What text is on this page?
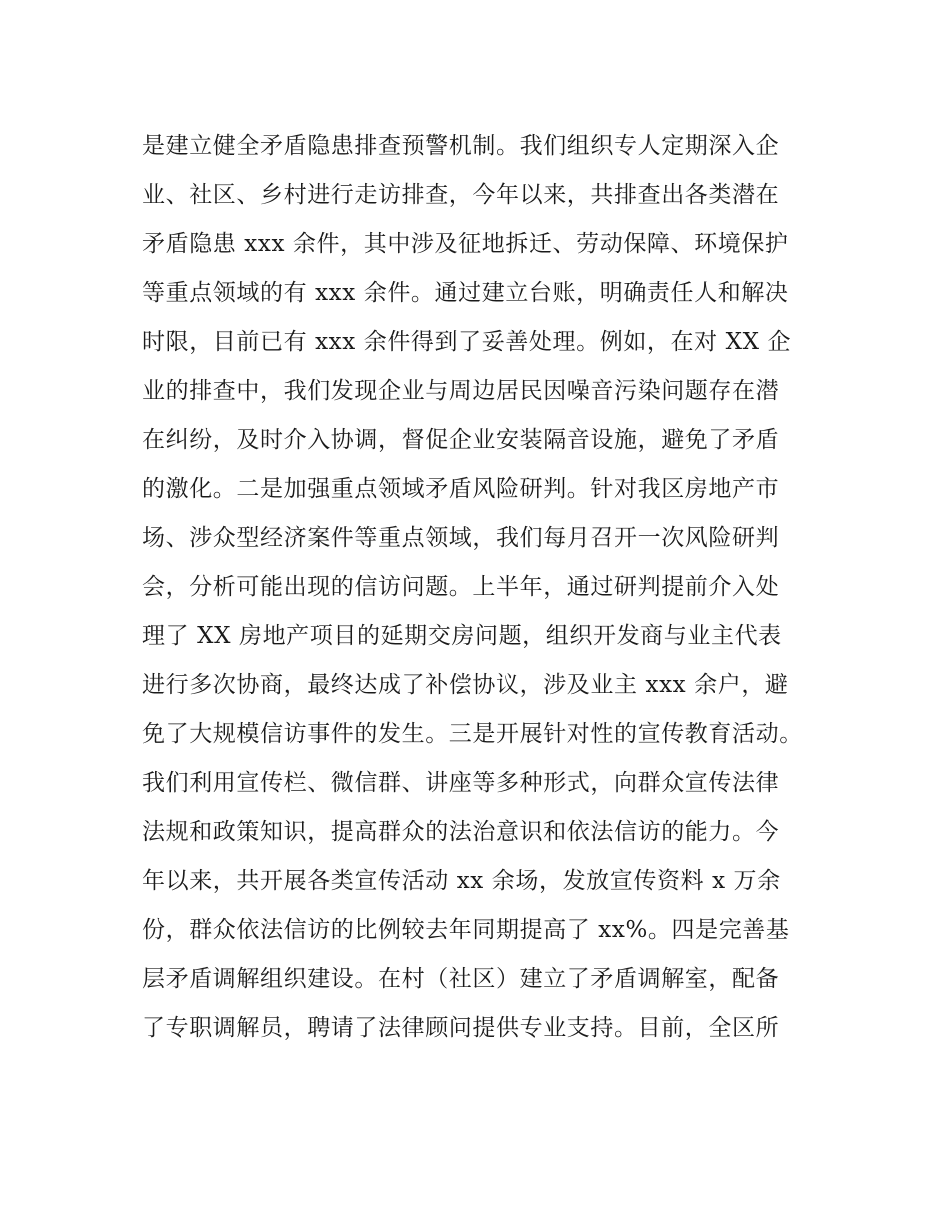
是建立健全矛盾隐患排查预警机制。我们组织专人定期深入企
业、社区、乡村进行走访排查，今年以来，共排查出各类潜在
矛盾隐患 xxx 余件，其中涉及征地拆迁、劳动保障、环境保护
等重点领域的有 xxx 余件。通过建立台账，明确责任人和解决
时限，目前已有 xxx 余件得到了妥善处理。例如，在对 XX 企
业的排查中，我们发现企业与周边居民因噪音污染问题存在潜
在纠纷，及时介入协调，督促企业安装隔音设施，避免了矛盾
的激化。二是加强重点领域矛盾风险研判。针对我区房地产市
场、涉众型经济案件等重点领域，我们每月召开一次风险研判
会，分析可能出现的信访问题。上半年，通过研判提前介入处
理了 XX 房地产项目的延期交房问题，组织开发商与业主代表
进行多次协商，最终达成了补偿协议，涉及业主 xxx 余户，避
免了大规模信访事件的发生。三是开展针对性的宣传教育活动。
我们利用宣传栏、微信群、讲座等多种形式，向群众宣传法律
法规和政策知识，提高群众的法治意识和依法信访的能力。今
年以来，共开展各类宣传活动 xx 余场，发放宣传资料 x 万余
份，群众依法信访的比例较去年同期提高了 xx%。四是完善基
层矛盾调解组织建设。在村（社区）建立了矛盾调解室，配备
了专职调解员，聘请了法律顾问提供专业支持。目前，全区所
